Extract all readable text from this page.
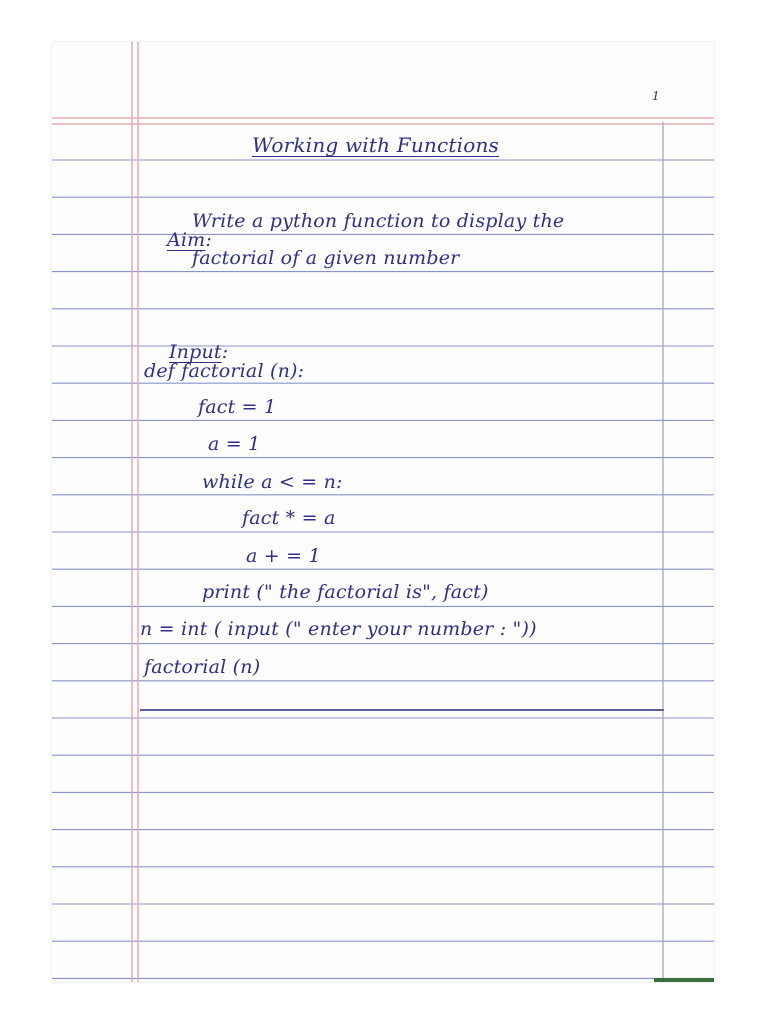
1
Working with Functions

Aim:

Write a python function to display the
factorial of a given number

Input:

def factorial (n):
fact = 1
a = 1
while a < = n:
fact * = a
a + = 1
print (" the factorial is", fact)
n = int ( input (" enter your number : "))
factorial (n)
